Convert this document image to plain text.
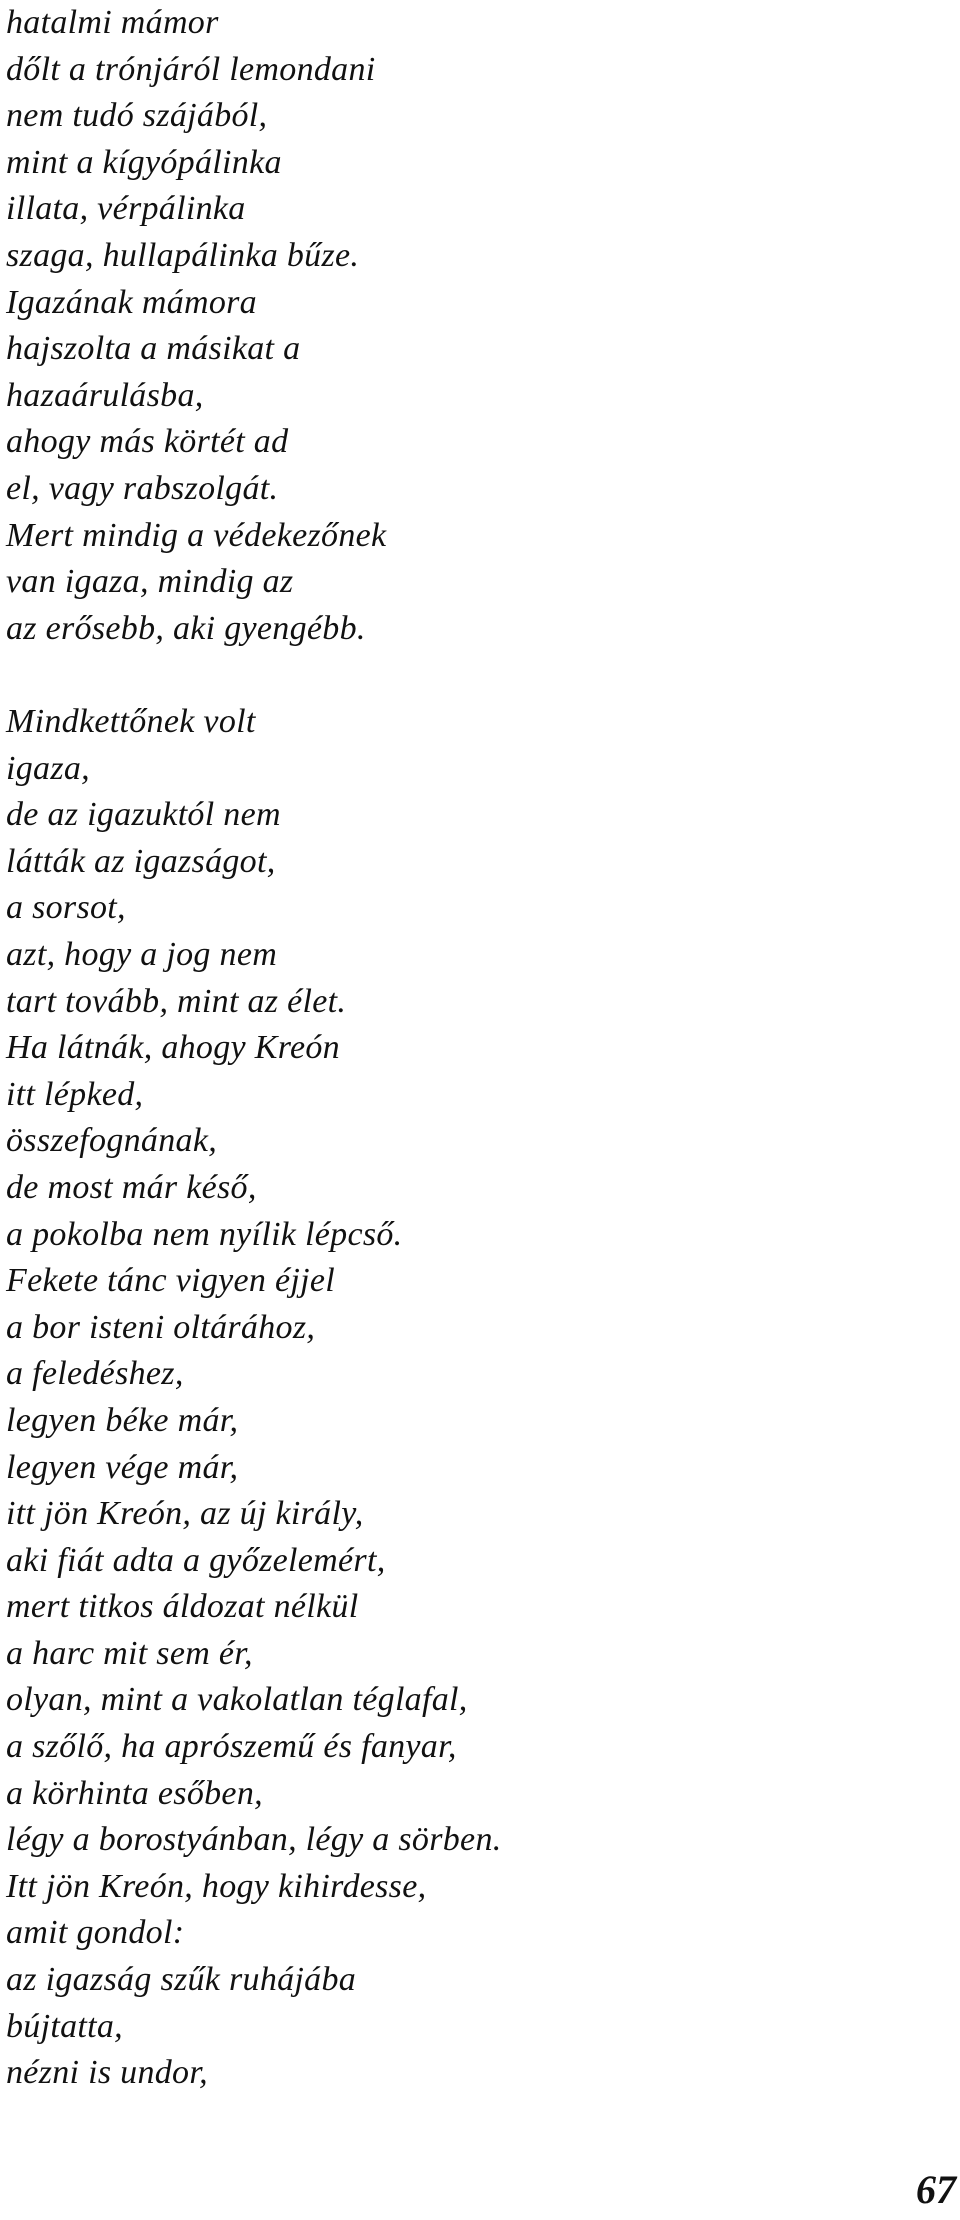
hatalmi mámor
dőlt a trónjáról lemondani
nem tudó szájából,
mint a kígyópálinka
illata, vérpálinka
szaga, hullapálinka bűze.
Igazának mámora
hajszolta a másikat a
hazaárulásba,
ahogy más körtét ad
el, vagy rabszolgát.
Mert mindig a védekezőnek
van igaza, mindig az
az erősebb, aki gyengébb.
Mindkettőnek volt
igaza,
de az igazuktól nem
látták az igazságot,
a sorsot,
azt, hogy a jog nem
tart tovább, mint az élet.
Ha látnák, ahogy Kreón
itt lépked,
összefognának,
de most már késő,
a pokolba nem nyílik lépcső.
Fekete tánc vigyen éjjel
a bor isteni oltárához,
a feledéshez,
legyen béke már,
legyen vége már,
itt jön Kreón, az új király,
aki fiát adta a győzelemért,
mert titkos áldozat nélkül
a harc mit sem ér,
olyan, mint a vakolatlan téglafal,
a szőlő, ha aprószemű és fanyar,
a körhinta esőben,
légy a borostyánban, légy a sörben.
Itt jön Kreón, hogy kihirdesse,
amit gondol:
az igazság szűk ruhájába
bújtatta,
nézni is undor,
67
